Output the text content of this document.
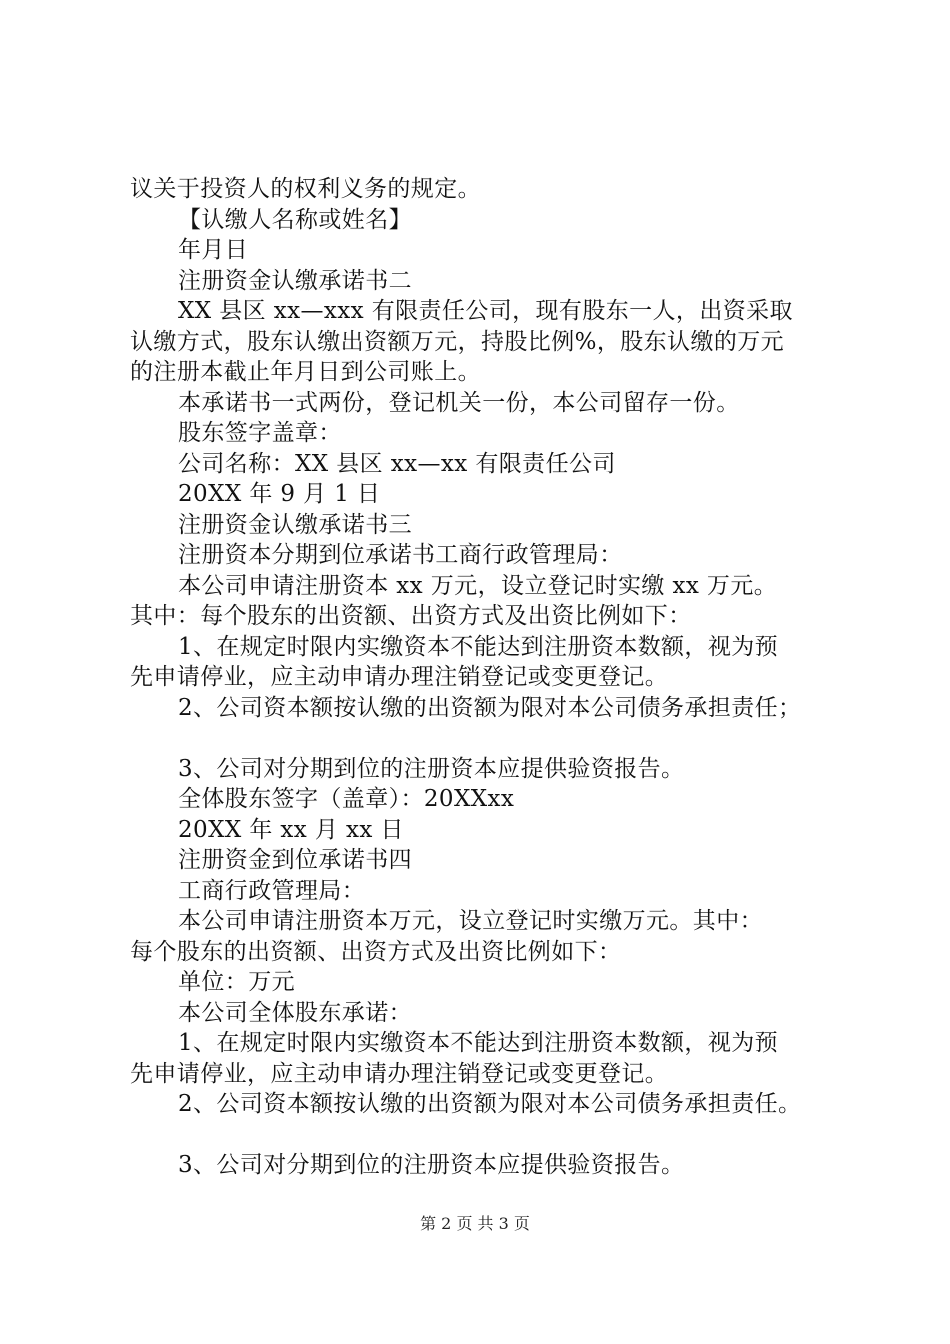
议关于投资人的权利义务的规定。
【认缴人名称或姓名】
年月日
注册资金认缴承诺书二
XX 县区 xx—xxx 有限责任公司，现有股东一人，出资采取
认缴方式，股东认缴出资额万元，持股比例%，股东认缴的万元
的注册本截止年月日到公司账上。
本承诺书一式两份，登记机关一份，本公司留存一份。
股东签字盖章：
公司名称：XX 县区 xx—xx 有限责任公司
20XX 年 9 月 1 日
注册资金认缴承诺书三
注册资本分期到位承诺书工商行政管理局：
本公司申请注册资本 xx 万元，设立登记时实缴 xx 万元。
其中：每个股东的出资额、出资方式及出资比例如下：
1、在规定时限内实缴资本不能达到注册资本数额，视为预
先申请停业，应主动申请办理注销登记或变更登记。
2、公司资本额按认缴的出资额为限对本公司债务承担责任；
3、公司对分期到位的注册资本应提供验资报告。
全体股东签字（盖章）：20XXxx
20XX 年 xx 月 xx 日
注册资金到位承诺书四
工商行政管理局：
本公司申请注册资本万元，设立登记时实缴万元。其中：
每个股东的出资额、出资方式及出资比例如下：
单位：万元
本公司全体股东承诺：
1、在规定时限内实缴资本不能达到注册资本数额，视为预
先申请停业，应主动申请办理注销登记或变更登记。
2、公司资本额按认缴的出资额为限对本公司债务承担责任。
3、公司对分期到位的注册资本应提供验资报告。
第 2 页 共 3 页
